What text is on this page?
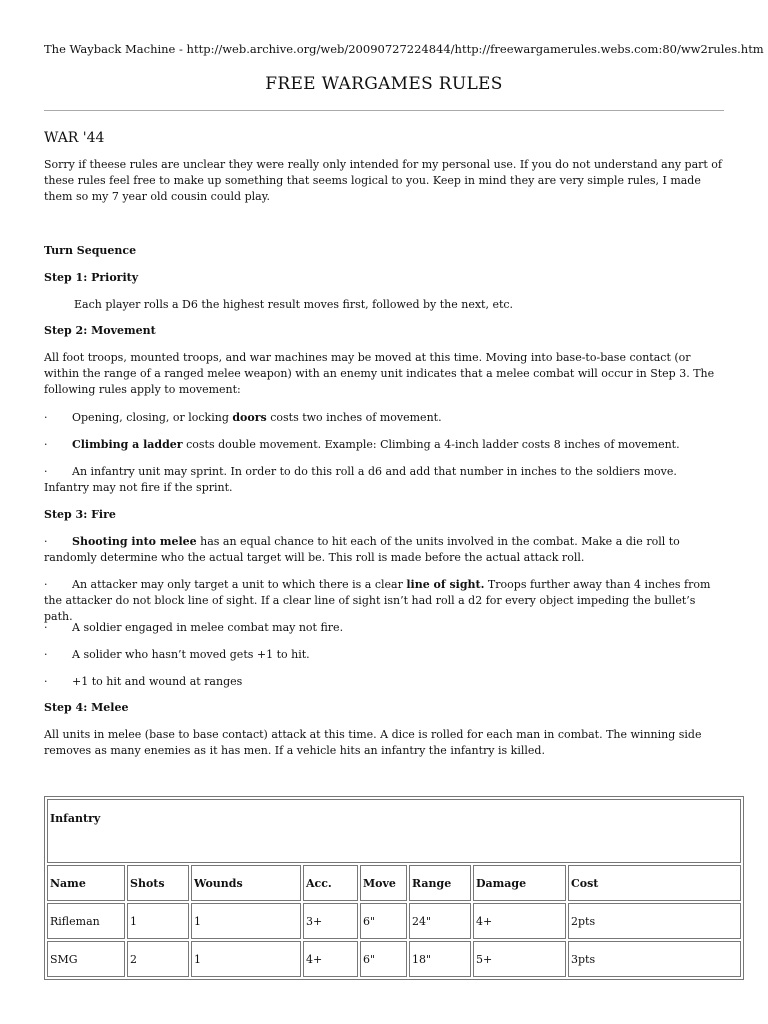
The Wayback Machine - http://web.archive.org/web/20090727224844/http://freewargamerules.webs.com:80/ww2rules.htm
FREE WARGAMES RULES
WAR '44
Sorry if theese rules are unclear they were really only intended for my personal use. If you do not understand any part of these rules feel free to make up something that seems logical to you. Keep in mind they are very simple rules, I made them so my 7 year old cousin could play.
Turn Sequence
Step 1: Priority
Each player rolls a D6 the highest result moves first, followed by the next, etc.
Step 2: Movement
All foot troops, mounted troops, and war machines may be moved at this time. Moving into base-to-base contact (or within the range of a ranged melee weapon) with an enemy unit indicates that a melee combat will occur in Step 3. The following rules apply to movement:
· Opening, closing, or locking doors costs two inches of movement.
· Climbing a ladder costs double movement. Example: Climbing a 4-inch ladder costs 8 inches of movement.
· An infantry unit may sprint. In order to do this roll a d6 and add that number in inches to the soldiers move. Infantry may not fire if the sprint.
Step 3: Fire
· Shooting into melee has an equal chance to hit each of the units involved in the combat. Make a die roll to randomly determine who the actual target will be. This roll is made before the actual attack roll.
· An attacker may only target a unit to which there is a clear line of sight. Troops further away than 4 inches from the attacker do not block line of sight. If a clear line of sight isn’t had roll a d2 for every object impeding the bullet’s path.
· A soldier engaged in melee combat may not fire.
· A solider who hasn’t moved gets +1 to hit.
· +1 to hit and wound at ranges
Step 4: Melee
All units in melee (base to base contact) attack at this time. A dice is rolled for each man in combat. The winning side removes as many enemies as it has men. If a vehicle hits an infantry the infantry is killed.
Infantry							
Name	Shots	Wounds	Acc.	Move	Range	Damage	Cost
Rifleman	1	1	3+	6"	24"	4+	2pts
SMG	2	1	4+	6"	18"	5+	3pts
